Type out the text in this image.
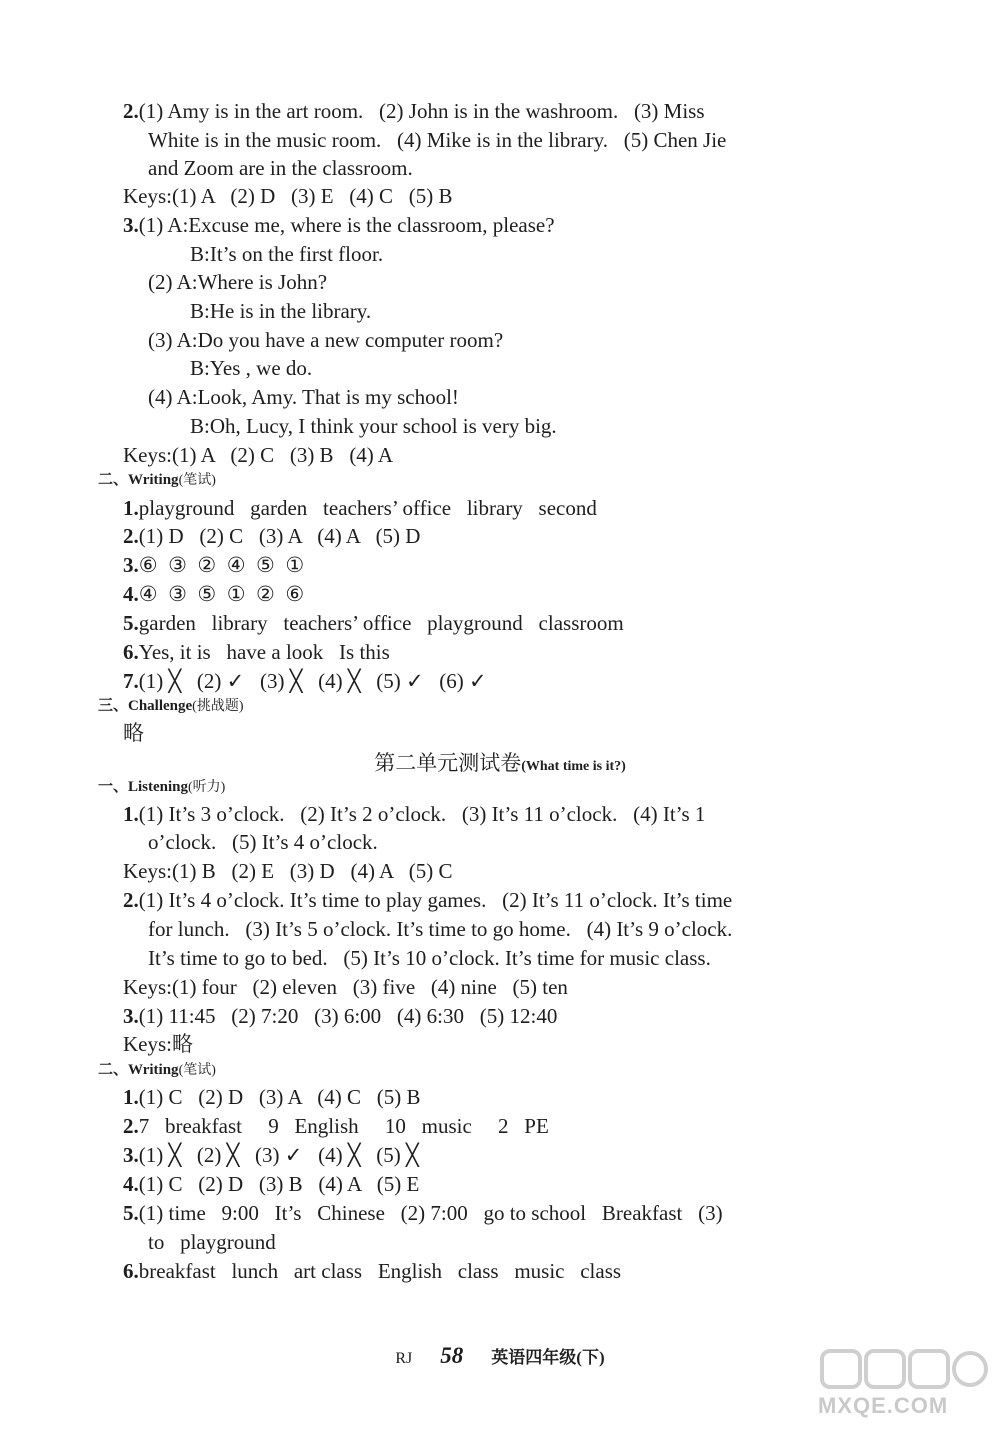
2.(1) Amy is in the art room.   (2) John is in the washroom.   (3) Miss
White is in the music room.   (4) Mike is in the library.   (5) Chen Jie
and Zoom are in the classroom.
Keys:(1) A   (2) D   (3) E   (4) C   (5) B
3.(1) A:Excuse me, where is the classroom, please?
B:It’s on the first floor.
(2) A:Where is John?
B:He is in the library.
(3) A:Do you have a new computer room?
B:Yes , we do.
(4) A:Look, Amy. That is my school!
B:Oh, Lucy, I think your school is very big.
Keys:(1) A   (2) C   (3) B   (4) A
二、Writing(笔试)
1.playground   garden   teachers’ office   library   second
2.(1) D   (2) C   (3) A   (4) A   (5) D
3.⑥  ③  ②  ④  ⑤  ①
4.④  ③  ⑤  ①  ②  ⑥
5.garden   library   teachers’ office   playground   classroom
6.Yes, it is   have a look   Is this
7.(1) ╳   (2) ✓   (3) ╳   (4) ╳   (5) ✓   (6) ✓
三、Challenge(挑战题)
略
第二单元测试卷(What time is it?)
一、Listening(听力)
1.(1) It’s 3 o’clock.   (2) It’s 2 o’clock.   (3) It’s 11 o’clock.   (4) It’s 1
o’clock.   (5) It’s 4 o’clock.
Keys:(1) B   (2) E   (3) D   (4) A   (5) C
2.(1) It’s 4 o’clock. It’s time to play games.   (2) It’s 11 o’clock. It’s time
for lunch.   (3) It’s 5 o’clock. It’s time to go home.   (4) It’s 9 o’clock.
It’s time to go to bed.   (5) It’s 10 o’clock. It’s time for music class.
Keys:(1) four   (2) eleven   (3) five   (4) nine   (5) ten
3.(1) 11:45   (2) 7:20   (3) 6:00   (4) 6:30   (5) 12:40
Keys:略
二、Writing(笔试)
1.(1) C   (2) D   (3) A   (4) C   (5) B
2.7   breakfast     9   English     10   music     2   PE
3.(1) ╳   (2) ╳   (3) ✓   (4) ╳   (5) ╳
4.(1) C   (2) D   (3) B   (4) A   (5) E
5.(1) time   9:00   It’s   Chinese   (2) 7:00   go to school   Breakfast   (3)
to   playground
6.breakfast   lunch   art class   English   class   music   class
RJ 58 英语四年级(下)
MXQE.COM
